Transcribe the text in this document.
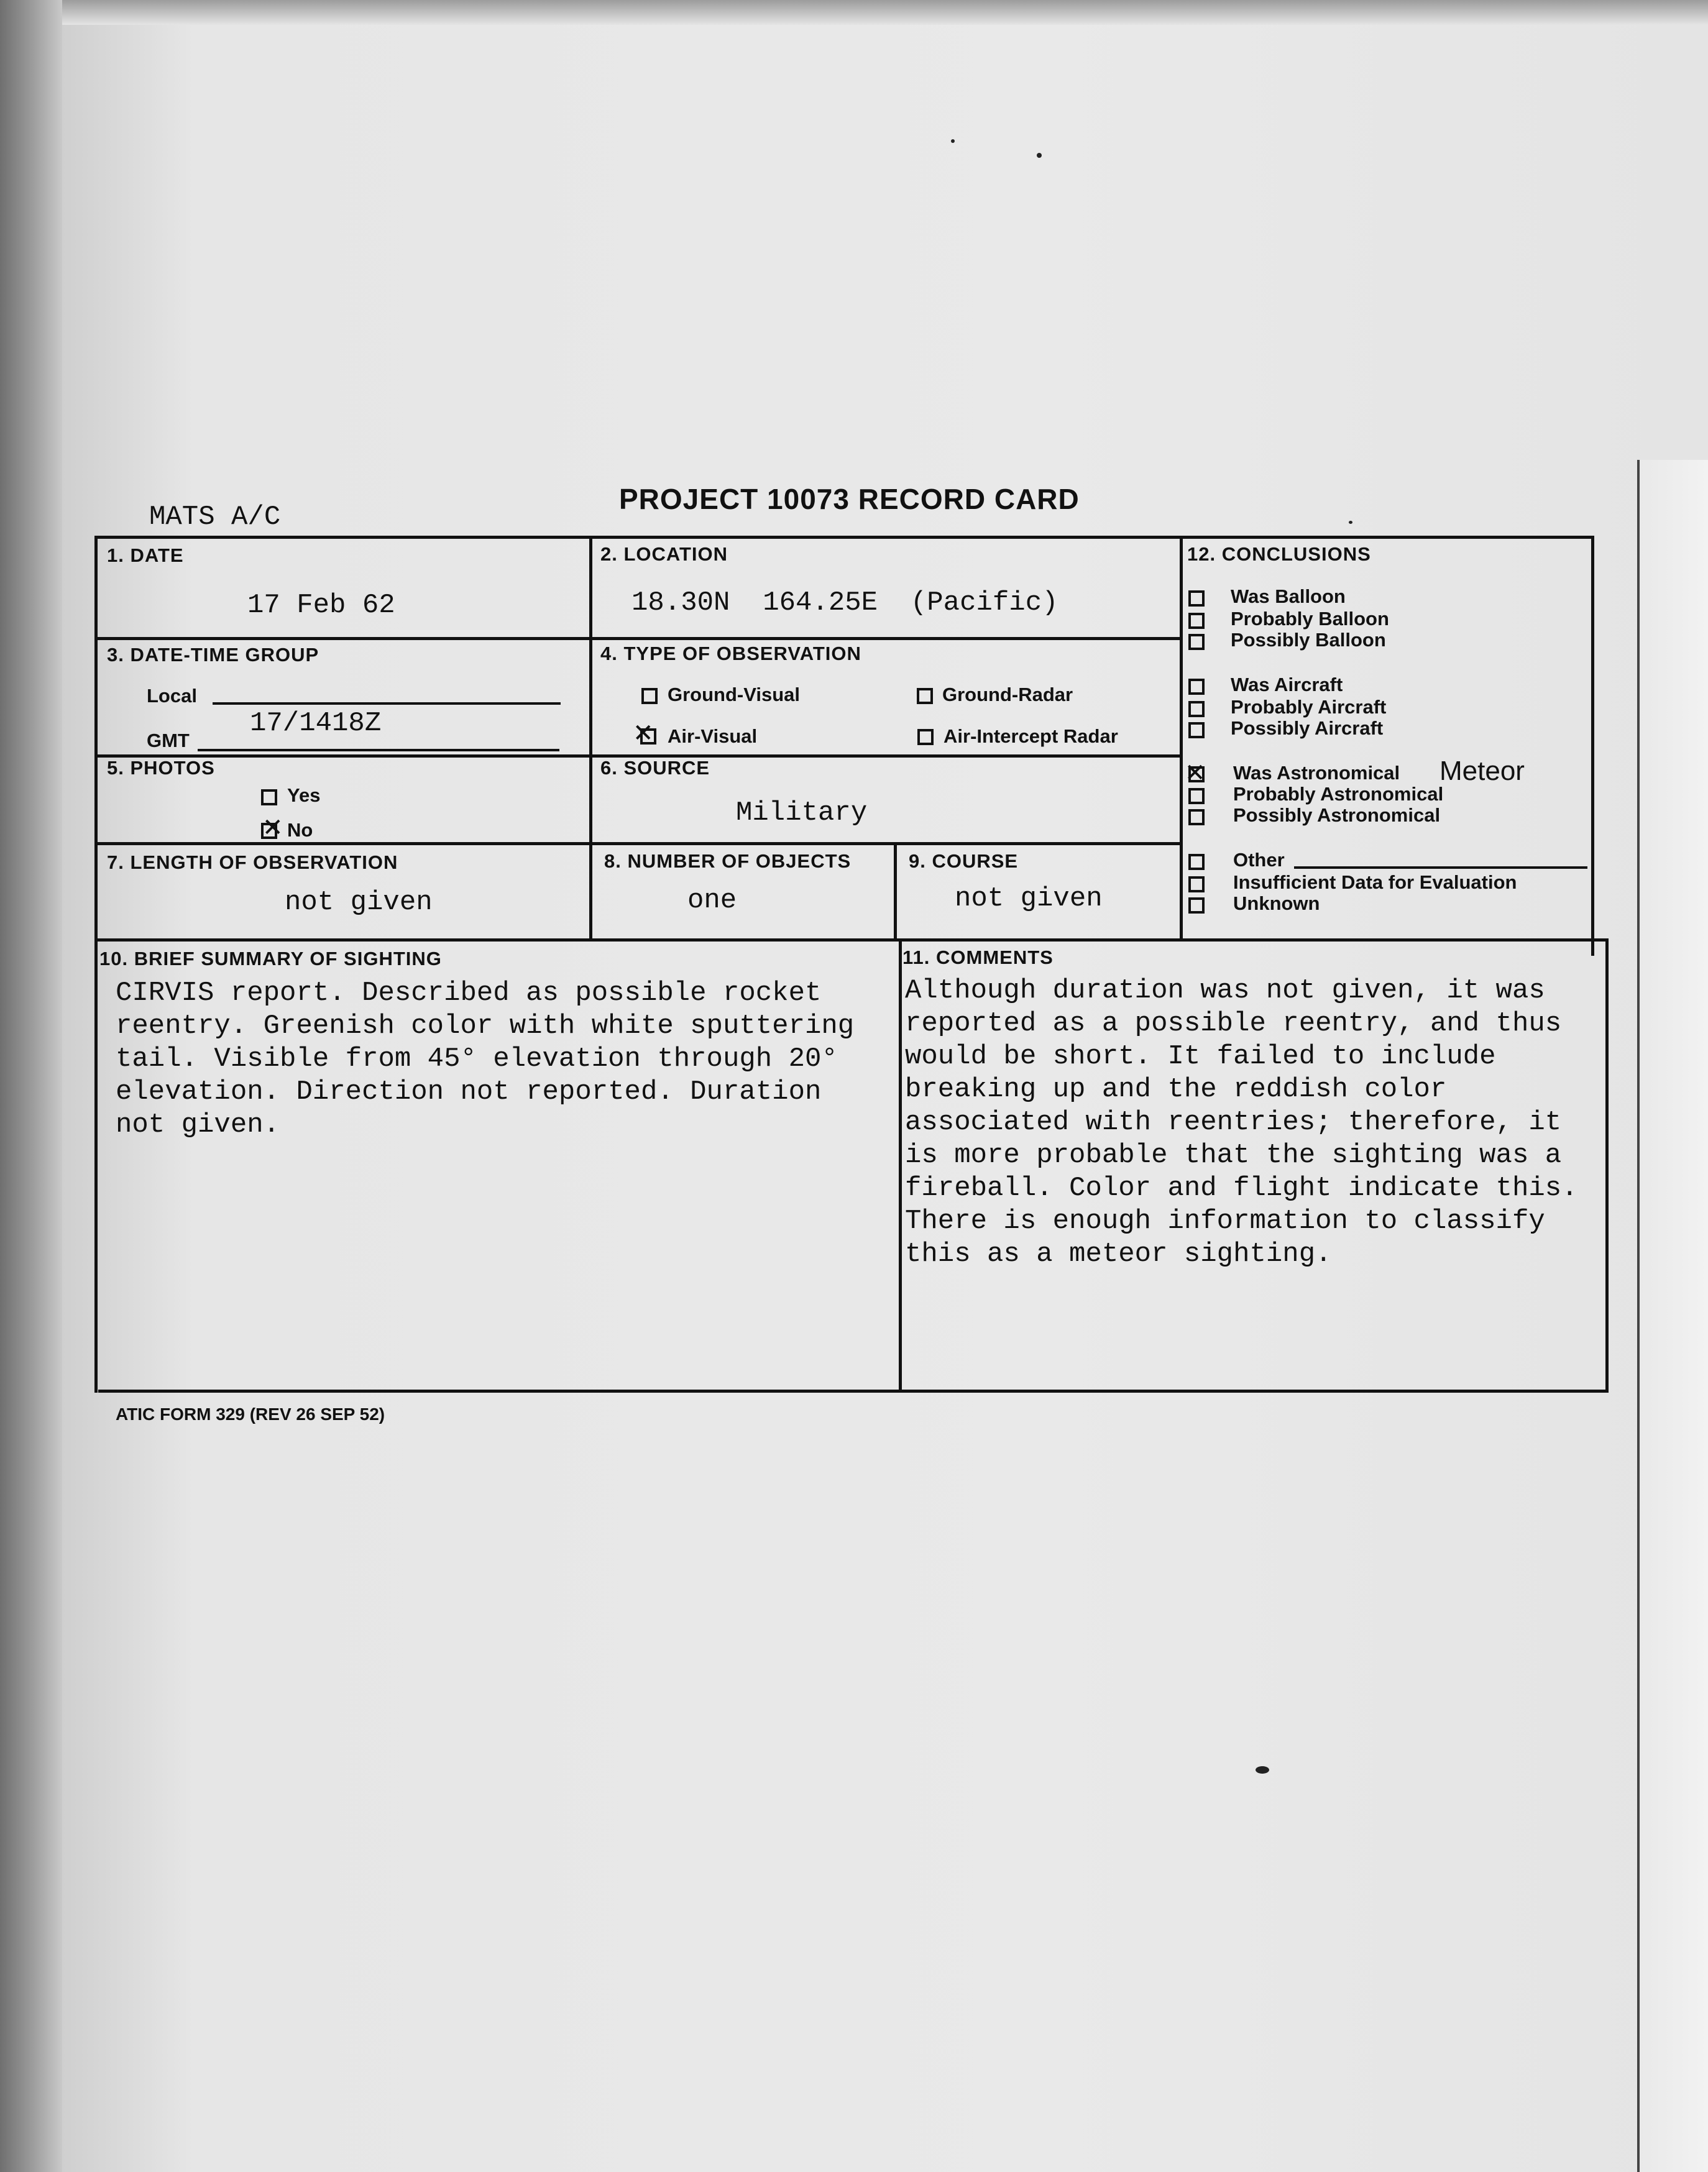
MATS A/C
PROJECT 10073 RECORD CARD
1. DATE
17 Feb 62
2. LOCATION
18.30N  164.25E  (Pacific)
3. DATE-TIME GROUP
Local
GMT
17/1418Z
4. TYPE OF OBSERVATION
Ground-Visual	Ground-Radar
✕ Air-Visual	Air-Intercept Radar
5. PHOTOS
Yes
✕ No
6. SOURCE
Military
7. LENGTH OF OBSERVATION
not given
8. NUMBER OF OBJECTS
one
9. COURSE
not given
12. CONCLUSIONS
Was Balloon
Probably Balloon
Possibly Balloon
Was Aircraft
Probably Aircraft
Possibly Aircraft
✕ Was Astronomical Meteor
Probably Astronomical
Possibly Astronomical
Other
Insufficient Data for Evaluation
Unknown
10. BRIEF SUMMARY OF SIGHTING
CIRVIS report. Described as possible rocket
reentry. Greenish color with white sputtering
tail. Visible from 45° elevation through 20°
elevation. Direction not reported. Duration
not given.
11. COMMENTS
Although duration was not given, it was
reported as a possible reentry, and thus
would be short. It failed to include
breaking up and the reddish color
associated with reentries; therefore, it
is more probable that the sighting was a
fireball. Color and flight indicate this.
There is enough information to classify
this as a meteor sighting.
ATIC FORM 329 (REV 26 SEP 52)
